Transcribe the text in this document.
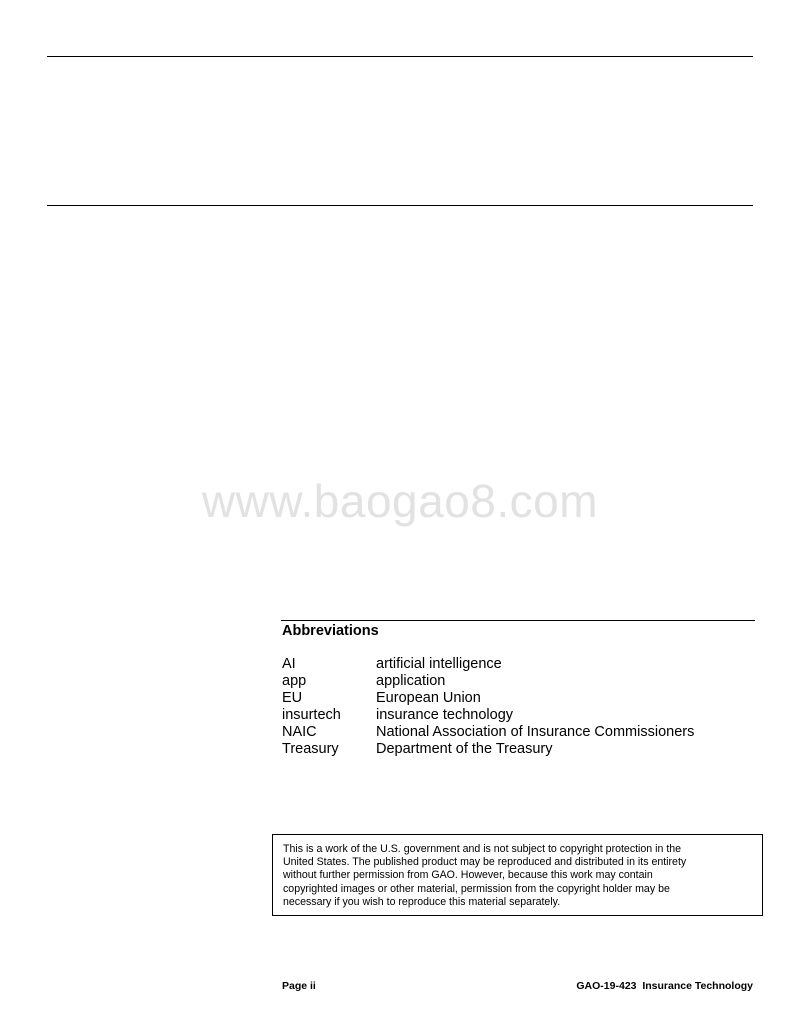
www.baogao8.com
Abbreviations
AI	artificial intelligence
app	application
EU	European Union
insurtech	insurance technology
NAIC	National Association of Insurance Commissioners
Treasury	Department of the Treasury
This is a work of the U.S. government and is not subject to copyright protection in the
United States. The published product may be reproduced and distributed in its entirety
without further permission from GAO. However, because this work may contain
copyrighted images or other material, permission from the copyright holder may be
necessary if you wish to reproduce this material separately.
Page ii	GAO-19-423  Insurance Technology
